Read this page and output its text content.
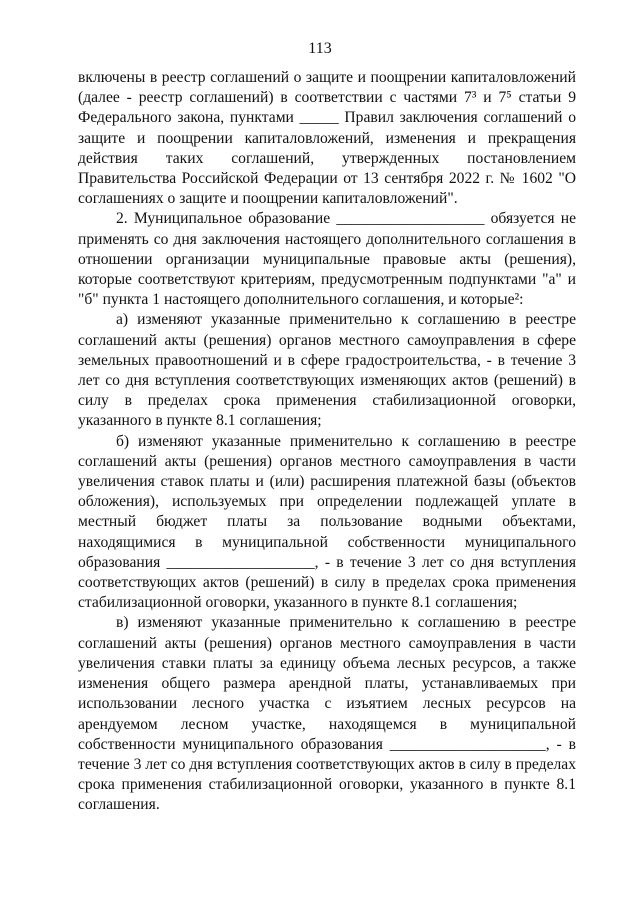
113

включены в реестр соглашений о защите и поощрении капиталовложений (далее - реестр соглашений) в соответствии с частями 7³ и 7⁵ статьи 9 Федерального закона, пунктами _____ Правил заключения соглашений о защите и поощрении капиталовложений, изменения и прекращения действия таких соглашений, утвержденных постановлением Правительства Российской Федерации от 13 сентября 2022 г. № 1602 "О соглашениях о защите и поощрении капиталовложений".

2. Муниципальное образование ___________________ обязуется не применять со дня заключения настоящего дополнительного соглашения в отношении организации муниципальные правовые акты (решения), которые соответствуют критериям, предусмотренным подпунктами "а" и "б" пункта 1 настоящего дополнительного соглашения, и которые²:

а) изменяют указанные применительно к соглашению в реестре соглашений акты (решения) органов местного самоуправления в сфере земельных правоотношений и в сфере градостроительства, - в течение 3 лет со дня вступления соответствующих изменяющих актов (решений) в силу в пределах срока применения стабилизационной оговорки, указанного в пункте 8.1 соглашения;

б) изменяют указанные применительно к соглашению в реестре соглашений акты (решения) органов местного самоуправления в части увеличения ставок платы и (или) расширения платежной базы (объектов обложения), используемых при определении подлежащей уплате в местный бюджет платы за пользование водными объектами, находящимися в муниципальной собственности муниципального образования ___________________, - в течение 3 лет со дня вступления соответствующих актов (решений) в силу в пределах срока применения стабилизационной оговорки, указанного в пункте 8.1 соглашения;

в) изменяют указанные применительно к соглашению в реестре соглашений акты (решения) органов местного самоуправления в части увеличения ставки платы за единицу объема лесных ресурсов, а также изменения общего размера арендной платы, устанавливаемых при использовании лесного участка с изъятием лесных ресурсов на арендуемом лесном участке, находящемся в муниципальной собственности муниципального образования ____________________, - в течение 3 лет со дня вступления соответствующих актов в силу в пределах срока применения стабилизационной оговорки, указанного в пункте 8.1 соглашения.
